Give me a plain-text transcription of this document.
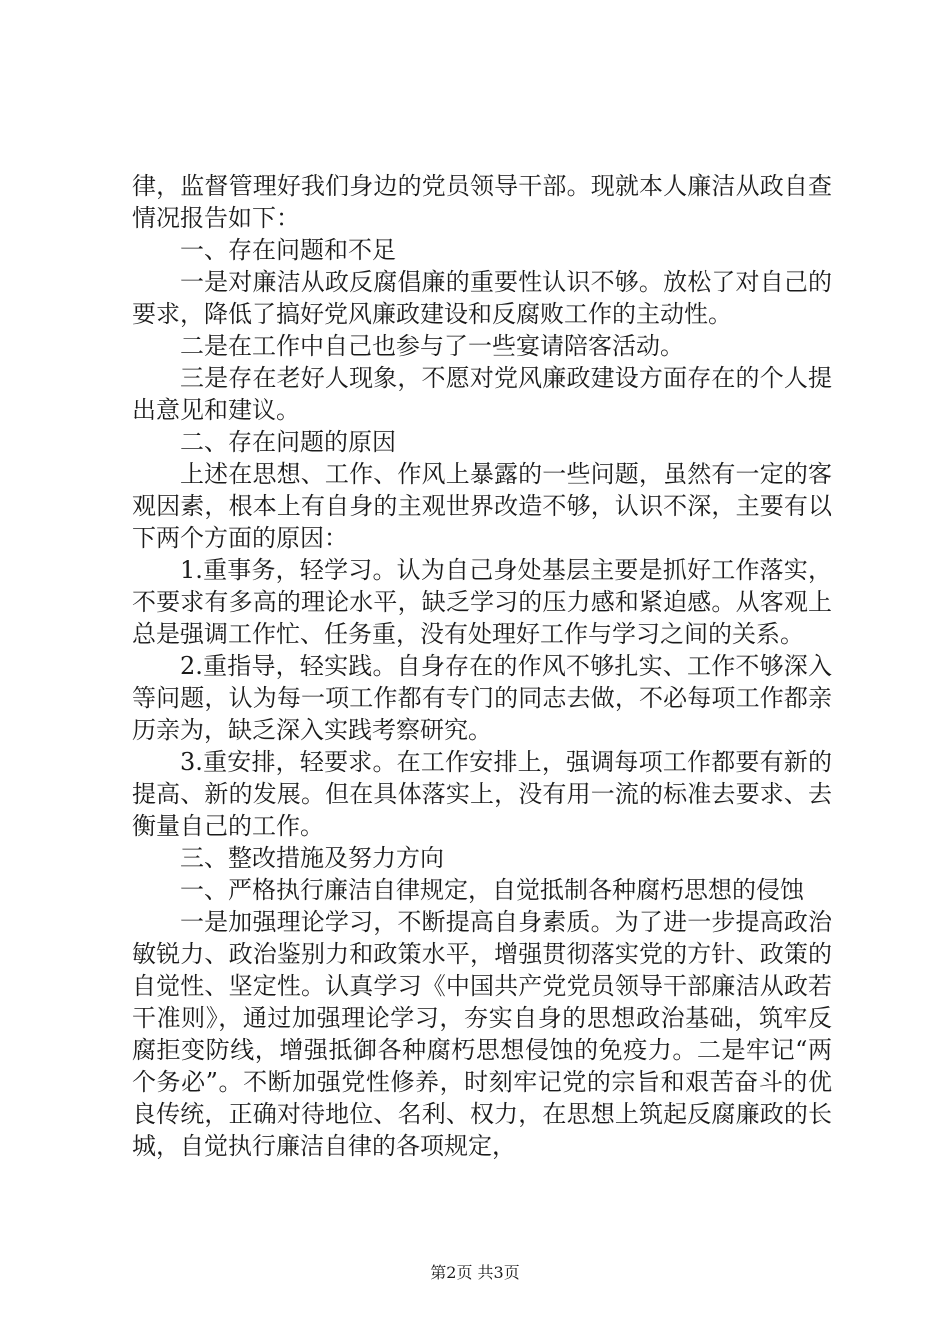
律，监督管理好我们身边的党员领导干部。现就本人廉洁从政自查情况报告如下：

一、存在问题和不足

一是对廉洁从政反腐倡廉的重要性认识不够。放松了对自己的要求，降低了搞好党风廉政建设和反腐败工作的主动性。

二是在工作中自己也参与了一些宴请陪客活动。

三是存在老好人现象，不愿对党风廉政建设方面存在的个人提出意见和建议。

二、存在问题的原因

上述在思想、工作、作风上暴露的一些问题，虽然有一定的客观因素，根本上有自身的主观世界改造不够，认识不深，主要有以下两个方面的原因：

1.重事务，轻学习。认为自己身处基层主要是抓好工作落实，不要求有多高的理论水平，缺乏学习的压力感和紧迫感。从客观上总是强调工作忙、任务重，没有处理好工作与学习之间的关系。

2.重指导，轻实践。自身存在的作风不够扎实、工作不够深入等问题，认为每一项工作都有专门的同志去做，不必每项工作都亲历亲为，缺乏深入实践考察研究。

3.重安排，轻要求。在工作安排上，强调每项工作都要有新的提高、新的发展。但在具体落实上，没有用一流的标准去要求、去衡量自己的工作。

三、整改措施及努力方向

一、严格执行廉洁自律规定，自觉抵制各种腐朽思想的侵蚀

一是加强理论学习，不断提高自身素质。为了进一步提高政治敏锐力、政治鉴别力和政策水平，增强贯彻落实党的方针、政策的自觉性、坚定性。认真学习《中国共产党党员领导干部廉洁从政若干准则》，通过加强理论学习，夯实自身的思想政治基础，筑牢反腐拒变防线，增强抵御各种腐朽思想侵蚀的免疫力。二是牢记“两个务必”。不断加强党性修养，时刻牢记党的宗旨和艰苦奋斗的优良传统，正确对待地位、名利、权力，在思想上筑起反腐廉政的长城，自觉执行廉洁自律的各项规定，

第2页 共3页
